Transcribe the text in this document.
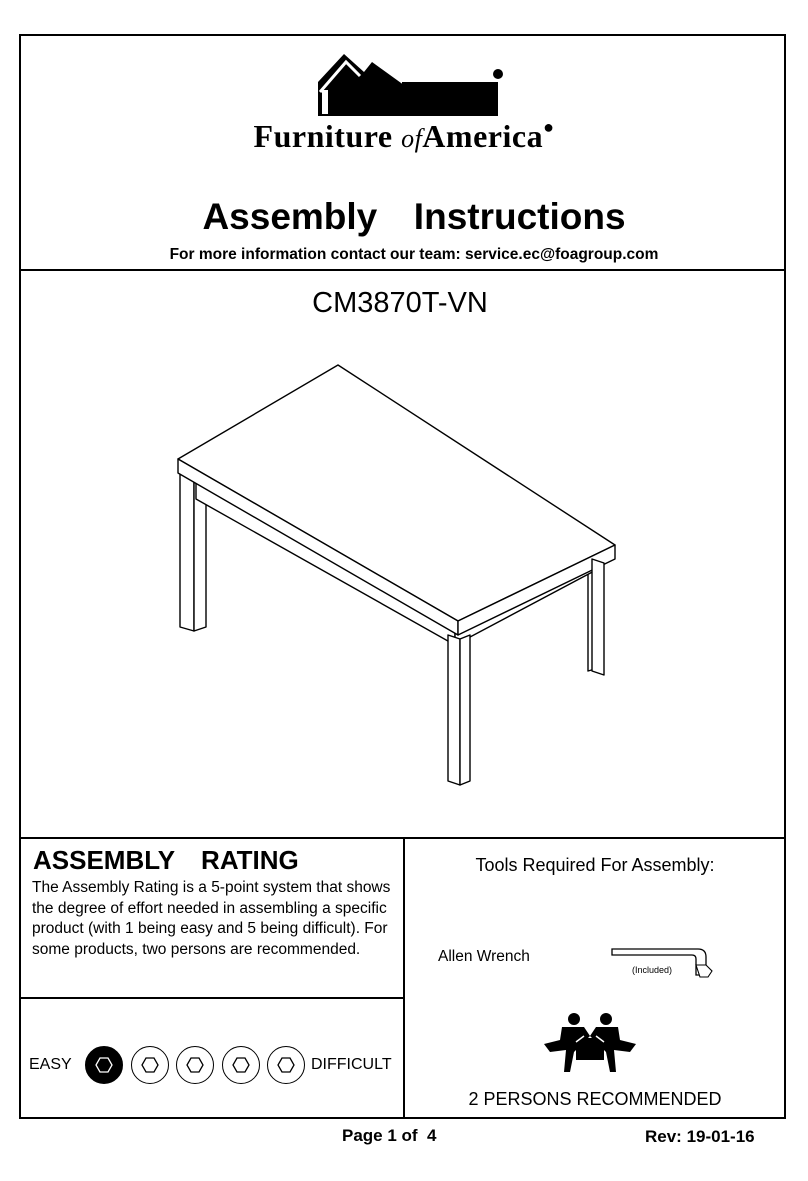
Furniture ofAmerica●
Assembly  Instructions
For more information contact our team: service.ec@foagroup.com
CM3870T-VN
ASSEMBLY  RATING
The Assembly Rating is a 5-point system that shows the degree of effort needed in assembling a specific product (with 1 being easy and 5 being difficult). For some products, two persons are recommended.
EASY	DIFFICULT
Tools Required For Assembly:
Allen Wrench
(Included)
2 PERSONS RECOMMENDED
Page 1 of  4	Rev: 19-01-16
